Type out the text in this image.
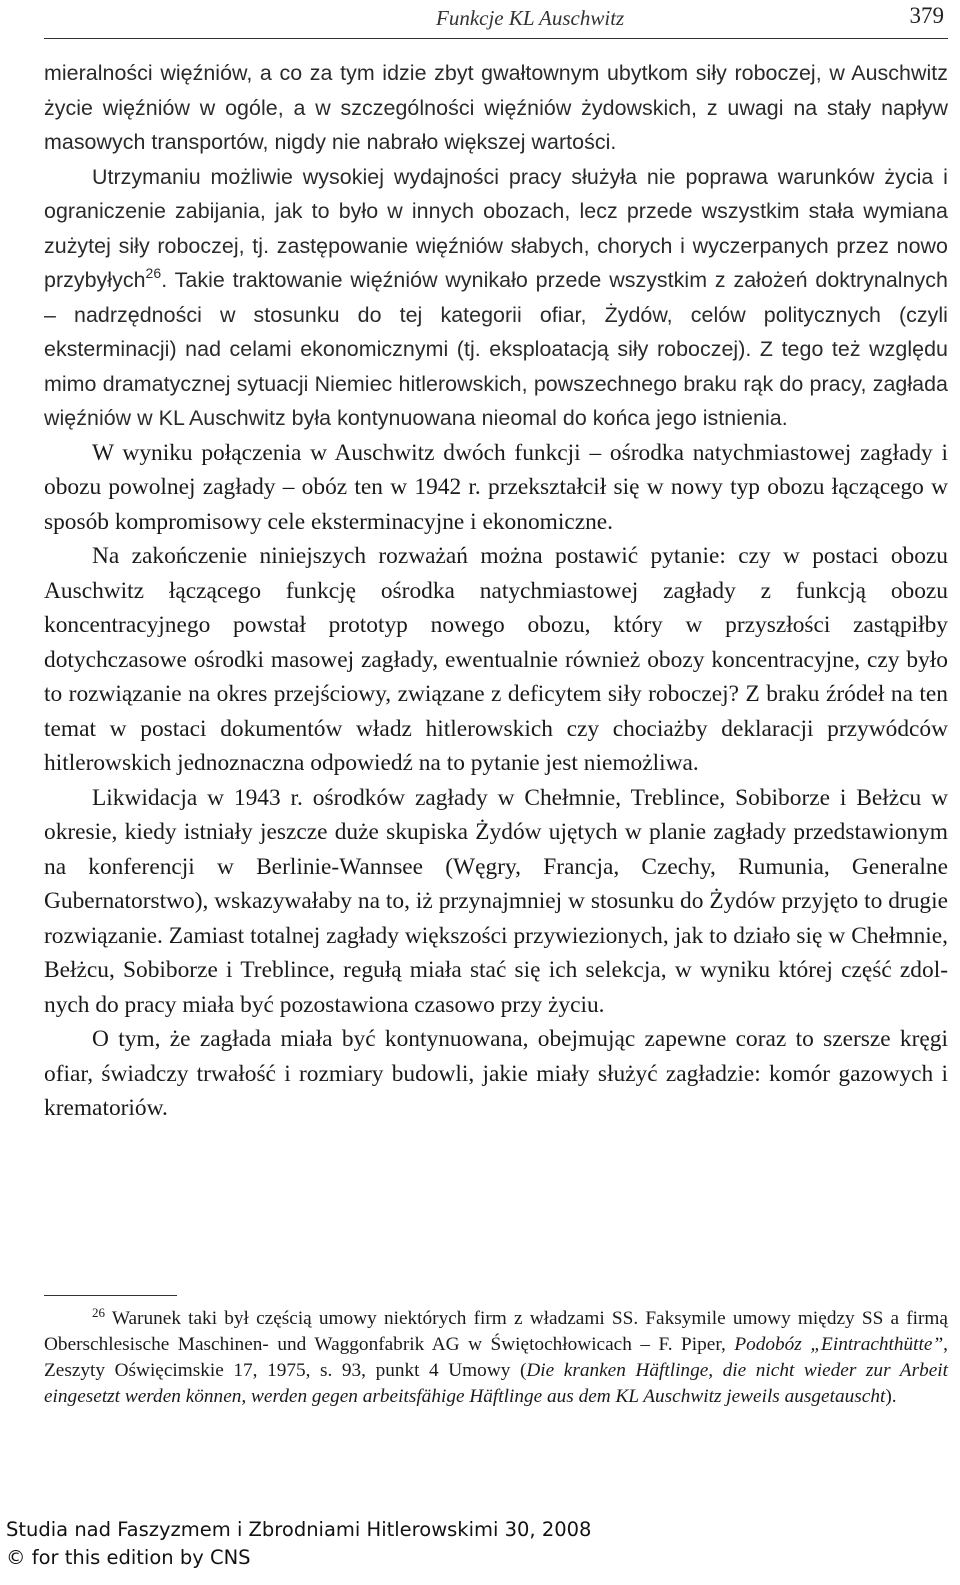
Funkcje KL Auschwitz	379

mieralności więźniów, a co za tym idzie zbyt gwałtownym ubytkom siły roboczej, w Auschwitz życie więźniów w ogóle, a w szczególności więźniów żydowskich, z uwagi na stały napływ masowych transportów, nigdy nie nabrało większej wartości.

Utrzymaniu możliwie wysokiej wydajności pracy służyła nie poprawa warunków życia i ograniczenie zabijania, jak to było w innych obozach, lecz przede wszystkim stała wymiana zużytej siły roboczej, tj. zastępowanie więźniów słabych, chorych i wyczerpanych przez nowo przybyłych$^{26}$. Takie traktowanie więźniów wynikało przede wszystkim z założeń doktrynalnych – nadrzędności w stosunku do tej kategorii ofiar, Żydów, celów politycznych (czyli eksterminacji) nad celami ekonomicznymi (tj. eksploatacją siły roboczej). Z tego też względu mimo dramatycznej sytuacji Niemiec hitlerowskich, powszechnego braku rąk do pracy, zagłada więźniów w KL Auschwitz była kontynuowana nieomal do końca jego istnienia.

W wyniku połączenia w Auschwitz dwóch funkcji – ośrodka natychmiastowej zagłady i obozu powolnej zagłady – obóz ten w 1942 r. przekształcił się w nowy typ obozu łączącego w sposób kompromisowy cele eksterminacyjne i ekonomiczne.

Na zakończenie niniejszych rozważań można postawić pytanie: czy w postaci obozu Auschwitz łączącego funkcję ośrodka natychmiastowej zagłady z funkcją obozu koncentracyjnego powstał prototyp nowego obozu, który w przyszłości zastąpiłby dotychczasowe ośrodki masowej zagłady, ewentualnie również obozy koncentracyjne, czy było to rozwiązanie na okres przejściowy, związane z deficytem siły roboczej? Z braku źródeł na ten temat w postaci dokumentów władz hitlerowskich czy chociażby deklaracji przywódców hitlerowskich jednoznaczna odpowiedź na to pytanie jest niemożliwa.

Likwidacja w 1943 r. ośrodków zagłady w Chełmnie, Treblince, Sobiborze i Bełżcu w okresie, kiedy istniały jeszcze duże skupiska Żydów ujętych w planie zagłady przedstawionym na konferencji w Berlinie-Wannsee (Węgry, Francja, Czechy, Rumunia, Generalne Gubernatorstwo), wskazywałaby na to, iż przynajmniej w stosunku do Żydów przyjęto to drugie rozwiązanie. Zamiast totalnej zagłady większości przywiezionych, jak to działo się w Chełmnie, Bełżcu, Sobiborze i Treblince, regułą miała stać się ich selekcja, w wyniku której część zdolnych do pracy miała być pozostawiona czasowo przy życiu.

O tym, że zagłada miała być kontynuowana, obejmując zapewne coraz to szersze kręgi ofiar, świadczy trwałość i rozmiary budowli, jakie miały służyć zagładzie: komór gazowych i krematoriów.

$^{26}$ Warunek taki był częścią umowy niektórych firm z władzami SS. Faksymile umowy między SS a firmą Oberschlesische Maschinen- und Waggonfabrik AG w Świętochłowicach – F. Piper, Podobóz „Eintrachthütte”, Zeszyty Oświęcimskie 17, 1975, s. 93, punkt 4 Umowy (Die kranken Häftlinge, die nicht wieder zur Arbeit eingesetzt werden können, werden gegen arbeitsfähige Häftlinge aus dem KL Auschwitz jeweils ausgetauscht).

Studia nad Faszyzmem i Zbrodniami Hitlerowskimi 30, 2008
© for this edition by CNS
